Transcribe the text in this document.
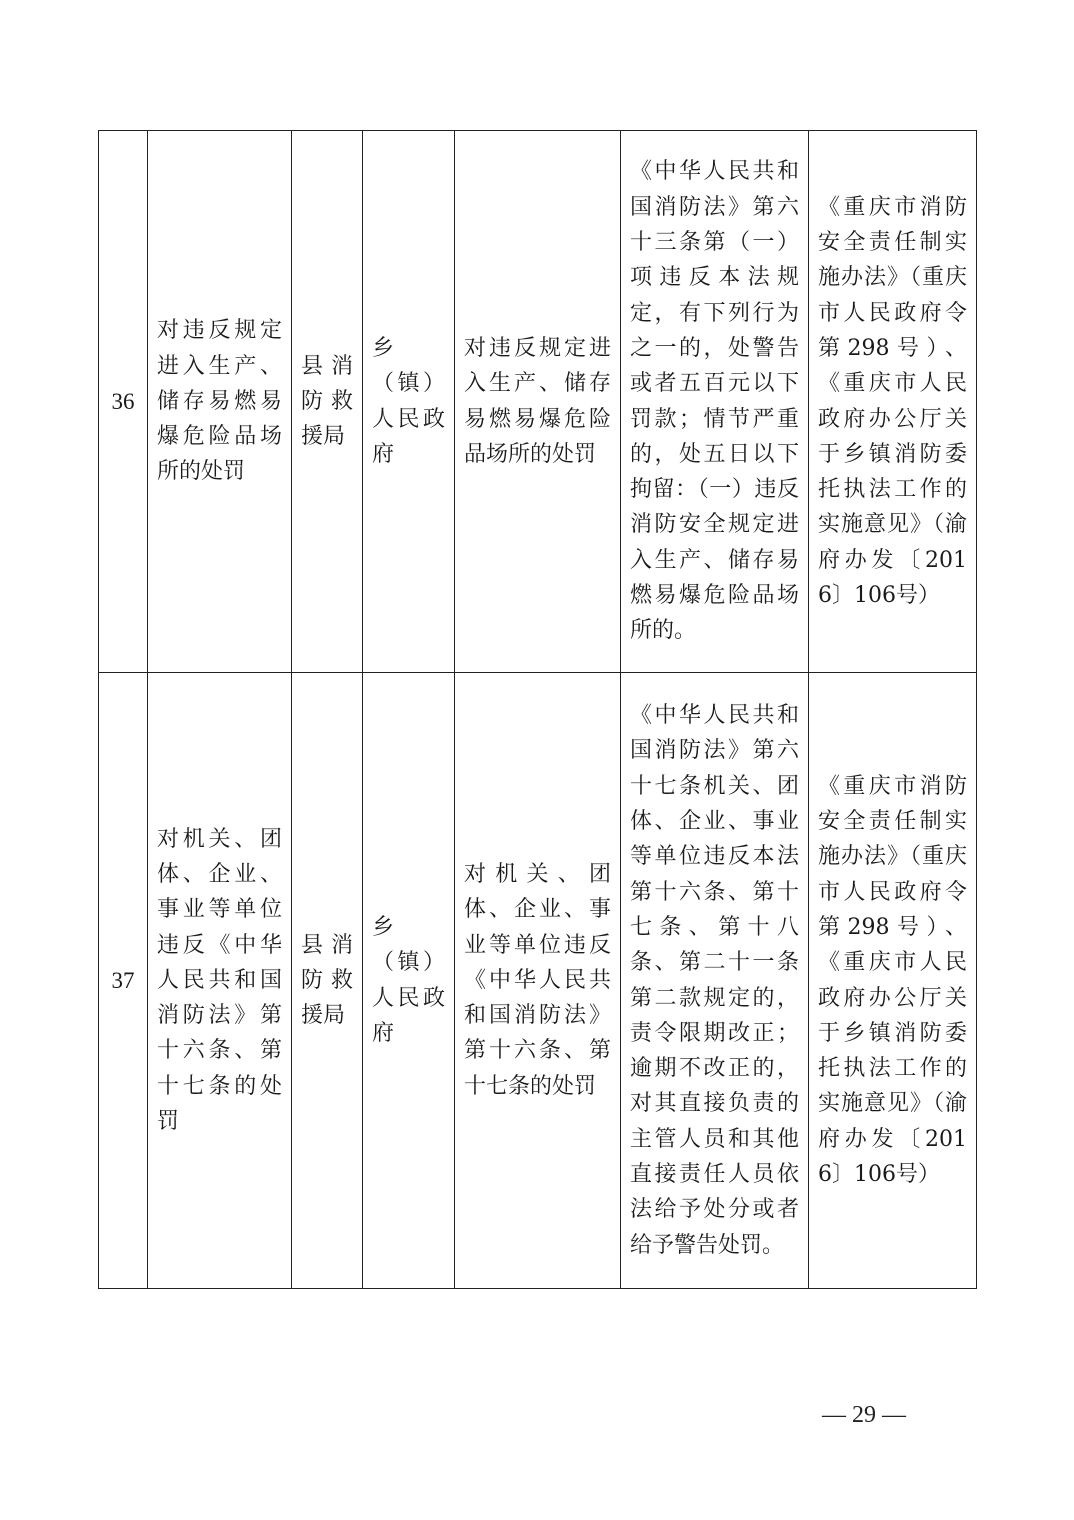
36	对违反规定进入生产、储存易燃易爆危险品场所的处罚	县消防救援局	乡（镇）人民政府	对违反规定进入生产、储存易燃易爆危险品场所的处罚	《中华人民共和国消防法》第六十三条第（一）项违反本法规定，有下列行为之一的，处警告或者五百元以下罚款；情节严重的，处五日以下拘留：（一）违反消防安全规定进入生产、储存易燃易爆危险品场所的。	《重庆市消防安全责任制实施办法》（重庆市人民政府令第298号）、《重庆市人民政府办公厅关于乡镇消防委托执法工作的实施意见》（渝府办发〔2016〕106号）

37	对机关、团体、企业、事业等单位违反《中华人民共和国消防法》第十六条、第十七条的处罚	县消防救援局	乡（镇）人民政府	对机关、团体、企业、事业等单位违反《中华人民共和国消防法》第十六条、第十七条的处罚	《中华人民共和国消防法》第六十七条机关、团体、企业、事业等单位违反本法第十六条、第十七条、第十八条、第二十一条第二款规定的，责令限期改正；逾期不改正的，对其直接负责的主管人员和其他直接责任人员依法给予处分或者给予警告处罚。	《重庆市消防安全责任制实施办法》（重庆市人民政府令第298号）、《重庆市人民政府办公厅关于乡镇消防委托执法工作的实施意见》（渝府办发〔2016〕106号）
— 29 —
